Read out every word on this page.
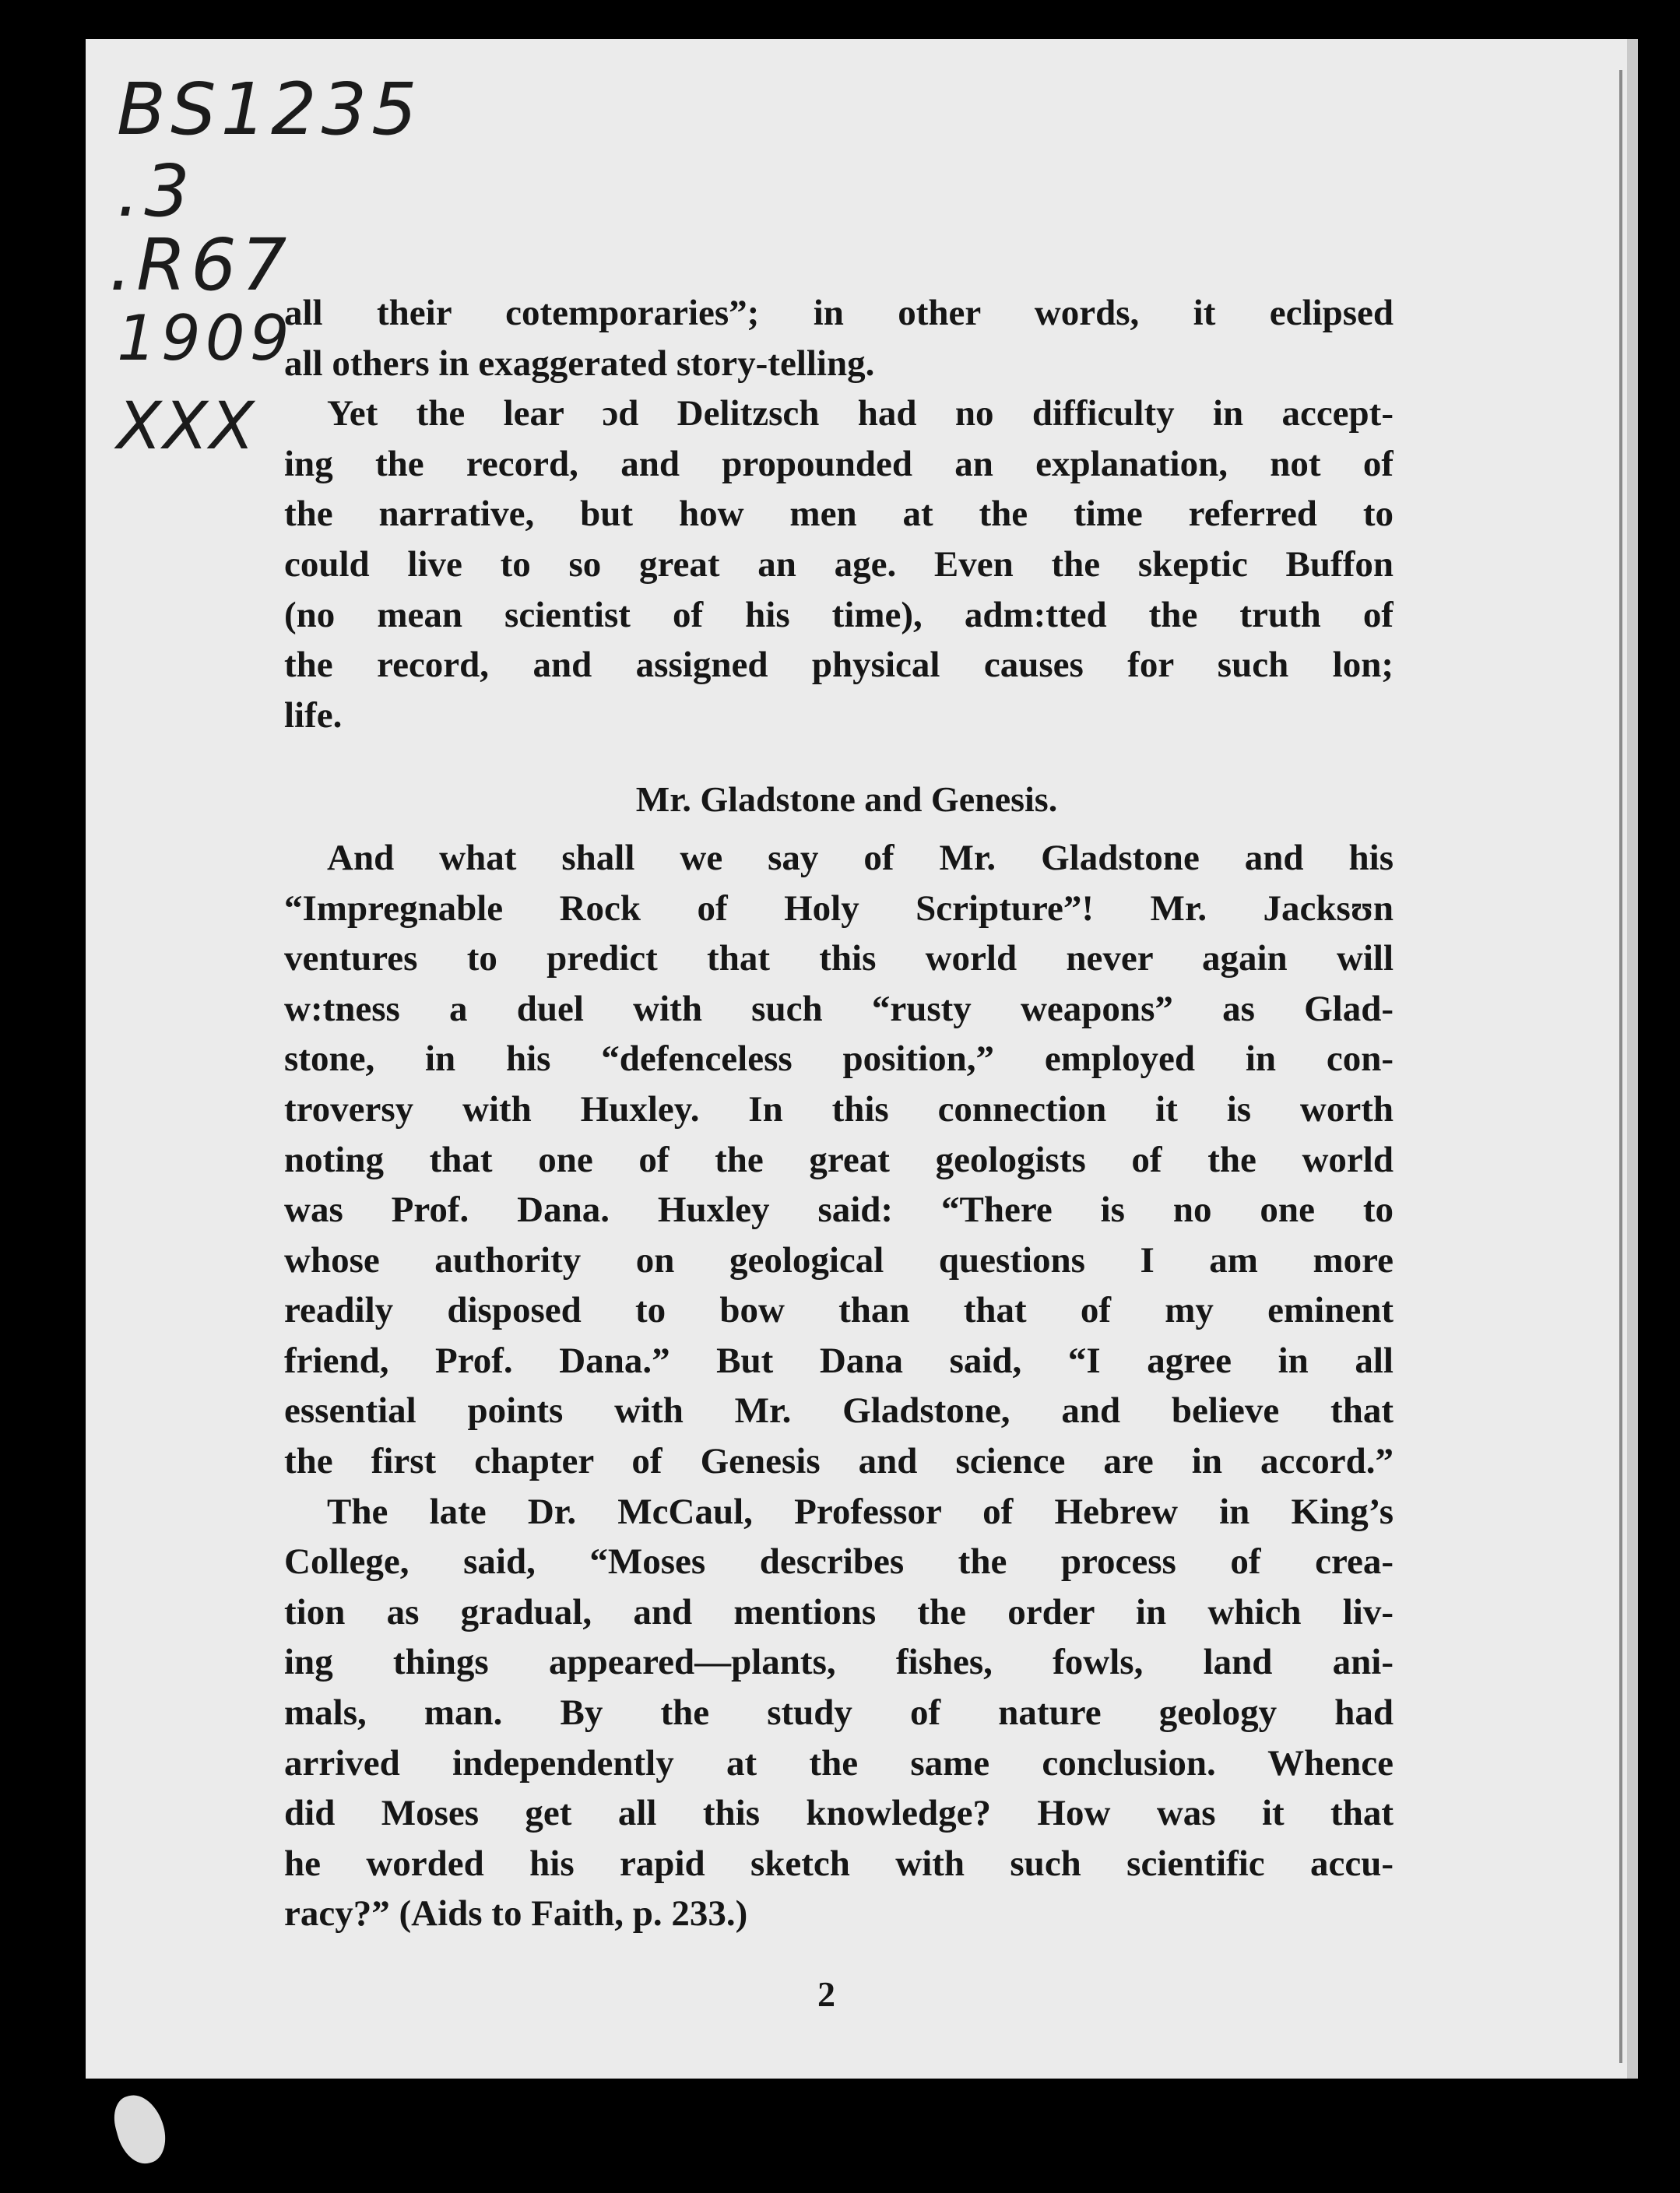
BS1235
.3
.R67
1909
XXX
all their cotemporaries”; in other words, it eclipsed
all others in exaggerated story-telling.
Yet the lear ɔd Delitzsch had no difficulty in accept-
ing the record, and propounded an explanation, not of
the narrative, but how men at the time referred to
could live to so great an age. Even the skeptic Buffon
(no mean scientist of his time), adm:tted the truth of
the record, and assigned physical causes for such lon;
life.
Mr. Gladstone and Genesis.
And what shall we say of Mr. Gladstone and his
“Impregnable Rock of Holy Scripture”! Mr. Jacksʊn
ventures to predict that this world never again will
w:tness a duel with such “rusty weapons” as Glad-
stone, in his “defenceless position,” employed in con-
troversy with Huxley. In this connection it is worth
noting that one of the great geologists of the world
was Prof. Dana. Huxley said: “There is no one to
whose authority on geological questions I am more
readily disposed to bow than that of my eminent
friend, Prof. Dana.” But Dana said, “I agree in all
essential points with Mr. Gladstone, and believe that
the first chapter of Genesis and science are in accord.”
The late Dr. McCaul, Professor of Hebrew in King’s
College, said, “Moses describes the process of crea-
tion as gradual, and mentions the order in which liv-
ing things appeared—plants, fishes, fowls, land ani-
mals, man. By the study of nature geology had
arrived independently at the same conclusion. Whence
did Moses get all this knowledge? How was it that
he worded his rapid sketch with such scientific accu-
racy?” (Aids to Faith, p. 233.)
2
